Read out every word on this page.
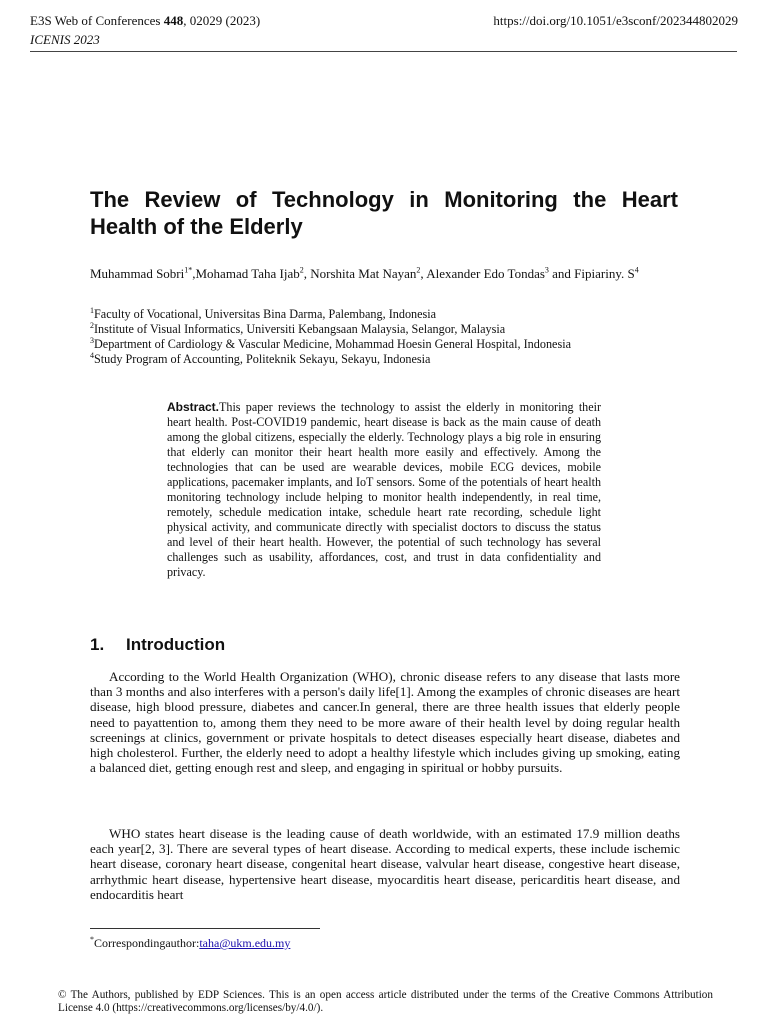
E3S Web of Conferences 448, 02029 (2023)
ICENIS 2023
https://doi.org/10.1051/e3sconf/202344802029
The Review of Technology in Monitoring the Heart Health of the Elderly
Muhammad Sobri$^{1*}$,Mohamad Taha Ijab$^2$, Norshita Mat Nayan$^2$, Alexander Edo Tondas$^3$ and Fipiariny. $S^4$
$^1$Faculty of Vocational, Universitas Bina Darma, Palembang, Indonesia
$^2$Institute of Visual Informatics, Universiti Kebangsaan Malaysia, Selangor, Malaysia
$^3$Department of Cardiology & Vascular Medicine, Mohammad Hoesin General Hospital, Indonesia
$^4$Study Program of Accounting, Politeknik Sekayu, Sekayu, Indonesia
Abstract.This paper reviews the technology to assist the elderly in monitoring their heart health. Post-COVID19 pandemic, heart disease is back as the main cause of death among the global citizens, especially the elderly. Technology plays a big role in ensuring that elderly can monitor their heart health more easily and effectively. Among the technologies that can be used are wearable devices, mobile ECG devices, mobile applications, pacemaker implants, and IoT sensors. Some of the potentials of heart health monitoring technology include helping to monitor health independently, in real time, remotely, schedule medication intake, schedule heart rate recording, schedule light physical activity, and communicate directly with specialist doctors to discuss the status and level of their heart health. However, the potential of such technology has several challenges such as usability, affordances, cost, and trust in data confidentiality and privacy.
1. Introduction

According to the World Health Organization (WHO), chronic disease refers to any disease that lasts more than 3 months and also interferes with a person's daily life[1]. Among the examples of chronic diseases are heart disease, high blood pressure, diabetes and cancer.In general, there are three health issues that elderly people need to payattention to, among them they need to be more aware of their health level by doing regular health screenings at clinics, government or private hospitals to detect diseases especially heart disease, diabetes and high cholesterol. Further, the elderly need to adopt a healthy lifestyle which includes giving up smoking, eating a balanced diet, getting enough rest and sleep, and engaging in spiritual or hobby pursuits.

WHO states heart disease is the leading cause of death worldwide, with an estimated 17.9 million deaths each year[2, 3]. There are several types of heart disease. According to medical experts, these include ischemic heart disease, coronary heart disease, congenital heart disease, valvular heart disease, congestive heart disease, arrhythmic heart disease, hypertensive heart disease, myocarditis heart disease, pericarditis heart disease, and endocarditis heart

*Correspondingauthor:taha@ukm.edu.my
© The Authors, published by EDP Sciences. This is an open access article distributed under the terms of the Creative Commons Attribution License 4.0 (https://creativecommons.org/licenses/by/4.0/).
